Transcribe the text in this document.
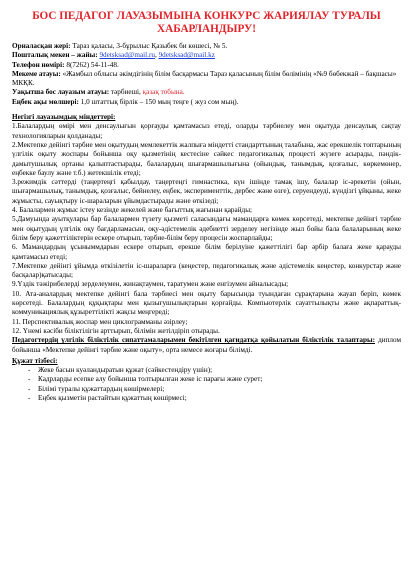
БОС ПЕДАГОГ ЛАУАЗЫМЫНА КОНКУРС ЖАРИЯЛАУ ТУРАЛЫ ХАБАРЛАНДЫРУ!

Орналасқан жері: Тараз қаласы, 3-бұрылыс Қазыбек би көшесі, № 5.

Пошталық мекен – жайы: 9detsksad@mail.ru, 9detsksad@mail.kz

Телефон нөмірі: 8(7262) 54-11-48.

Мекеме атауы: «Жамбыл облысы әкімдігінің білім басқармасы Тараз қаласының білім бөлімінің «№9 бөбекжай – бақшасы» МКҚК.

Уақытша бос лауазым атауы: тәрбиеші, қазақ тобына.

Еңбек ақы мөлшері: 1,0 штаттық бірлік – 150 мың теңге ( жуз сом мың).

Негізгі лауазымдық міндеттері:

1.Балалардың өмірі мен денсаулығын қорғауды қамтамасыз етеді, оларды тәрбиелеу мен оқытуда денсаулық сақтау технологияларын қолданады;

2.Мектепке дейінгі тәрбие мен оқытудың мемлекеттік жалпыға міндетті стандарттының талабына, жас ерекшелік топтарының үлгілік оқыту жоспары бойынша оқу қызметінің кестесіне сәйкес педагогикалық процесті жүзеге асырады, пәндік-дамытушылық ортаны қалыптастырады, балалардың шығармашылығына (ойындық, танымдық, қозғалыс, көркемөнер, еңбекке баулу және т.б.) жетекшілік етеді;

3.режимдік сәттерді (таңертеңгі қабылдау, таңертеңгі гимнастика, күн ішінде тамақ ішу, балалар іс-әрекетін (ойын, шығармашылық, танымдық, қозғалыс, бейнелеу, еңбек, эксперименттік, дербес және өзге), серуендеуді, күндізгі ұйқыны, жеке жұмысты, сауықтыру іс-шараларын ұйымдастырады және өткізеді;

4. Балалармен жұмыс істеу кезінде жекелей және бағыттық жағынан қарайды;

5.Дамуында ауытқулары бар балалармен түзету қызметі саласындағы мамандарға көмек көрсетеді, мектепке дейінгі тәрбие мен оқытудың үлгілік оқу бағдарламасын, оқу-әдістемелік әдебиетті зерделеу негізінде жыл бойы бала балаларының жеке білім беру қажеттіліктерін ескере отырып, тәрбие-білім беру процесін жоспарлайды;

6. Мамандардың ұсыныммдарын ескере отырып, ерекше білім берілуіне қажеттілігі бар әрбір балаға жеке қарауды қамтамасыз етеді;

7.Мектепке дейінгі ұйымда өткізілетін іс-шараларға (кеңестер, педагогикалық және әдістемелік кеңестер, конкурстар және басқалар)қатысады;

9.Үздік тәжірибелерді зерделеумен, жинақтаумен, таратумен және енгізумен айналысады;

10. Ата-аналардың мектепке дейінгі бала тәрбиесі мен оқыту барысында туындаған сұрақтарына жауап беріп, көмек көрсетеді. Балалардың құқықтары мен қызығушылықтарын қорғайды. Компьютерлік сауаттылықты және ақпараттық-коммуникациялық құзыреттілікті жақсы меңгереді;

11. Перспективалық жоспар мен циклограмманы әзірлеу;

12. Үнемі кәсіби біліктілігін арттырып, білімін жетілдіріп отырады.

Педагогтердің үлгілік біліктілік сипаттамаларымен бекітілген қағидатқа қойылатын біліктілік талаптары: диплом бойынша «Мектепке дейінгі тәрбие және оқыту», орта немесе жоғары білімді.

Құжат тізбесі:
- Жеке басын куәландыратын құжат (сәйкестендіру үшін);
- Кадрларды есепке алу бойынша толтырылған жеке іс парағы және сурет;
- Білімі туралы құжаттардың көшірмелері;
- Еңбек қызметін растайтын құжаттың көшірмесі;
